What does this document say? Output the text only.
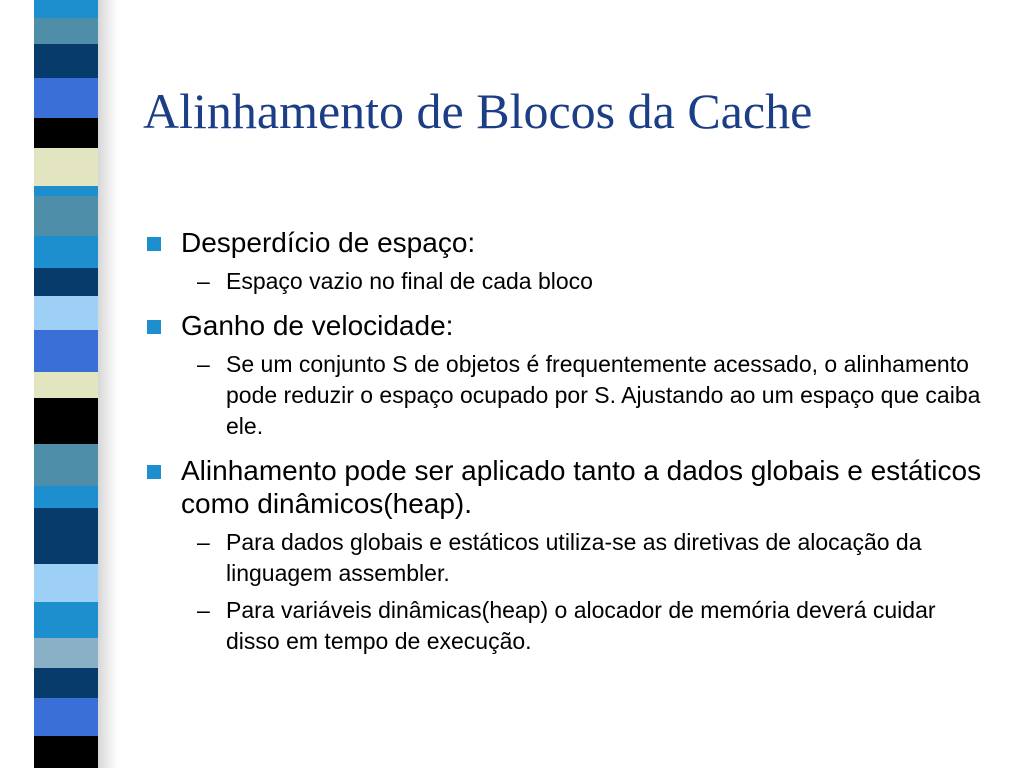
Alinhamento de Blocos da Cache
Desperdício de espaço:
– Espaço vazio no final de cada bloco
Ganho de velocidade:
– Se um conjunto S de objetos é frequentemente acessado, o alinhamento pode reduzir o espaço ocupado por S. Ajustando ao um espaço que caiba ele.
Alinhamento pode ser aplicado tanto a dados globais e estáticos como dinâmicos(heap).
– Para dados globais e estáticos utiliza-se as diretivas de alocação da linguagem assembler.
– Para variáveis dinâmicas(heap) o alocador de memória deverá cuidar disso em tempo de execução.
